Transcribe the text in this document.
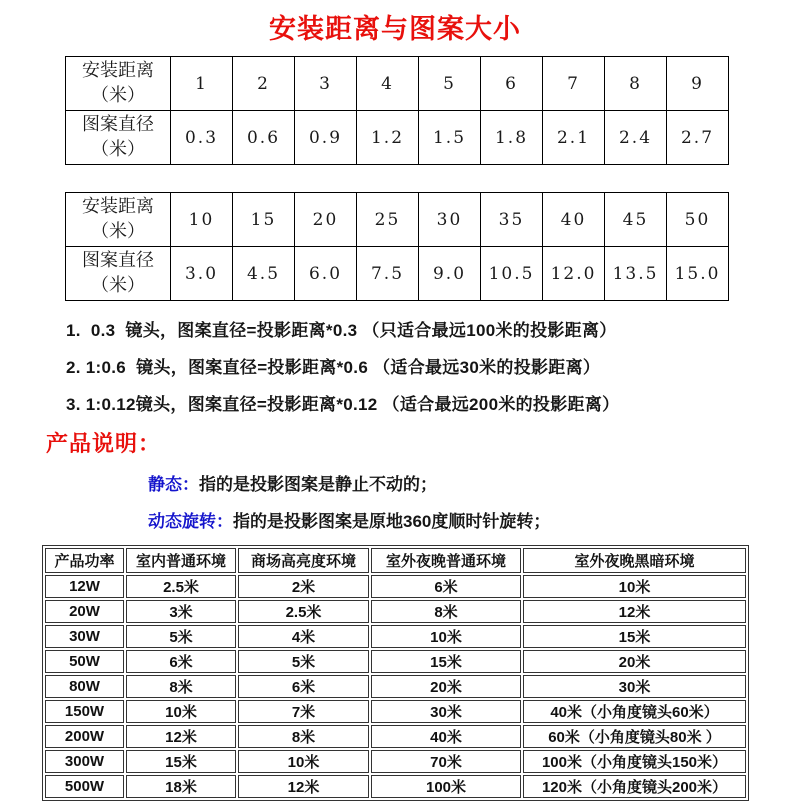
安装距离与图案大小
安装距离
（米）	1	2	3	4	5	6	7	8	9

图案直径
（米）	0.3	0.6	0.9	1.2	1.5	1.8	2.1	2.4	2.7
安装距离
（米）	10	15	20	25	30	35	40	45	50

图案直径
（米）	3.0	4.5	6.0	7.5	9.0	10.5	12.0	13.5	15.0
1.  0.3  镜头，图案直径=投影距离*0.3 （只适合最远100米的投影距离）
2. 1:0.6  镜头，图案直径=投影距离*0.6 （适合最远30米的投影距离）
3. 1:0.12镜头，图案直径=投影距离*0.12 （适合最远200米的投影距离）
产品说明：
静态：指的是投影图案是静止不动的；
动态旋转：指的是投影图案是原地360度顺时针旋转；
产品功率	室内普通环境	商场高亮度环境	室外夜晚普通环境	室外夜晚黑暗环境
12W	2.5米	2米	6米	10米
20W	3米	2.5米	8米	12米
30W	5米	4米	10米	15米
50W	6米	5米	15米	20米
80W	8米	6米	20米	30米
150W	10米	7米	30米	40米（小角度镜头60米）
200W	12米	8米	40米	60米（小角度镜头80米 ）
300W	15米	10米	70米	100米（小角度镜头150米）
500W	18米	12米	100米	120米（小角度镜头200米）
